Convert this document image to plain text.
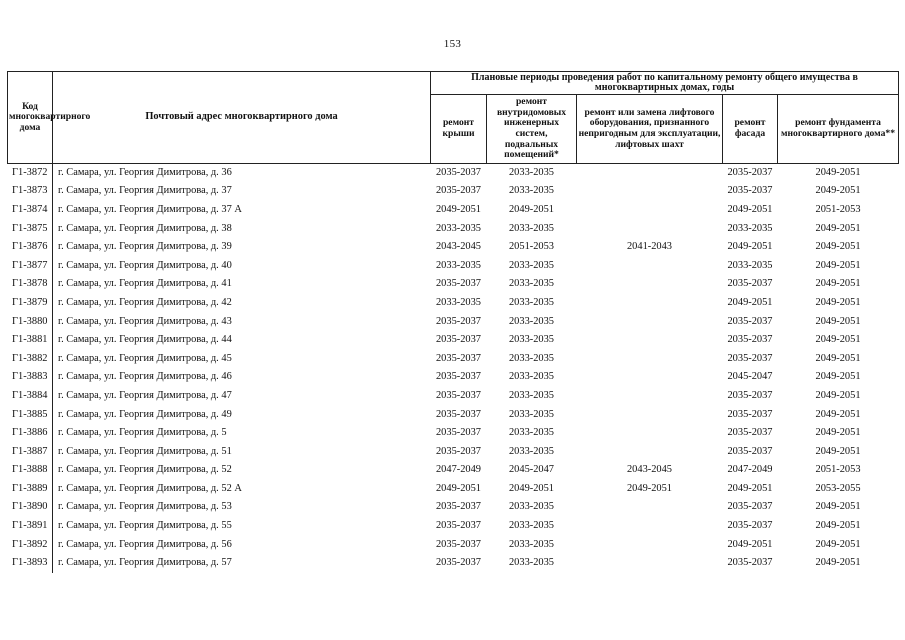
153
Код многоквартирного дома	Почтовый адрес многоквартирного дома	Плановые периоды проведения работ по капитальному ремонту общего имущества в многоквартирных домах, годы				
		ремонт крыши	ремонт внутридомовых инженерных систем, подвальных помещений*	ремонт или замена лифтового оборудования, признанного непригодным для эксплуатации, лифтовых шахт	ремонт фасада	ремонт фундамента многоквартирного дома**
Г1-3872	г. Самара, ул. Георгия Димитрова, д. 36	2035-2037	2033-2035		2035-2037	2049-2051
Г1-3873	г. Самара, ул. Георгия Димитрова, д. 37	2035-2037	2033-2035		2035-2037	2049-2051
Г1-3874	г. Самара, ул. Георгия Димитрова, д. 37 А	2049-2051	2049-2051		2049-2051	2051-2053
Г1-3875	г. Самара, ул. Георгия Димитрова, д. 38	2033-2035	2033-2035		2033-2035	2049-2051
Г1-3876	г. Самара, ул. Георгия Димитрова, д. 39	2043-2045	2051-2053	2041-2043	2049-2051	2049-2051
Г1-3877	г. Самара, ул. Георгия Димитрова, д. 40	2033-2035	2033-2035		2033-2035	2049-2051
Г1-3878	г. Самара, ул. Георгия Димитрова, д. 41	2035-2037	2033-2035		2035-2037	2049-2051
Г1-3879	г. Самара, ул. Георгия Димитрова, д. 42	2033-2035	2033-2035		2049-2051	2049-2051
Г1-3880	г. Самара, ул. Георгия Димитрова, д. 43	2035-2037	2033-2035		2035-2037	2049-2051
Г1-3881	г. Самара, ул. Георгия Димитрова, д. 44	2035-2037	2033-2035		2035-2037	2049-2051
Г1-3882	г. Самара, ул. Георгия Димитрова, д. 45	2035-2037	2033-2035		2035-2037	2049-2051
Г1-3883	г. Самара, ул. Георгия Димитрова, д. 46	2035-2037	2033-2035		2045-2047	2049-2051
Г1-3884	г. Самара, ул. Георгия Димитрова, д. 47	2035-2037	2033-2035		2035-2037	2049-2051
Г1-3885	г. Самара, ул. Георгия Димитрова, д. 49	2035-2037	2033-2035		2035-2037	2049-2051
Г1-3886	г. Самара, ул. Георгия Димитрова, д. 5	2035-2037	2033-2035		2035-2037	2049-2051
Г1-3887	г. Самара, ул. Георгия Димитрова, д. 51	2035-2037	2033-2035		2035-2037	2049-2051
Г1-3888	г. Самара, ул. Георгия Димитрова, д. 52	2047-2049	2045-2047	2043-2045	2047-2049	2051-2053
Г1-3889	г. Самара, ул. Георгия Димитрова, д. 52 А	2049-2051	2049-2051	2049-2051	2049-2051	2053-2055
Г1-3890	г. Самара, ул. Георгия Димитрова, д. 53	2035-2037	2033-2035		2035-2037	2049-2051
Г1-3891	г. Самара, ул. Георгия Димитрова, д. 55	2035-2037	2033-2035		2035-2037	2049-2051
Г1-3892	г. Самара, ул. Георгия Димитрова, д. 56	2035-2037	2033-2035		2049-2051	2049-2051
Г1-3893	г. Самара, ул. Георгия Димитрова, д. 57	2035-2037	2033-2035		2035-2037	2049-2051
